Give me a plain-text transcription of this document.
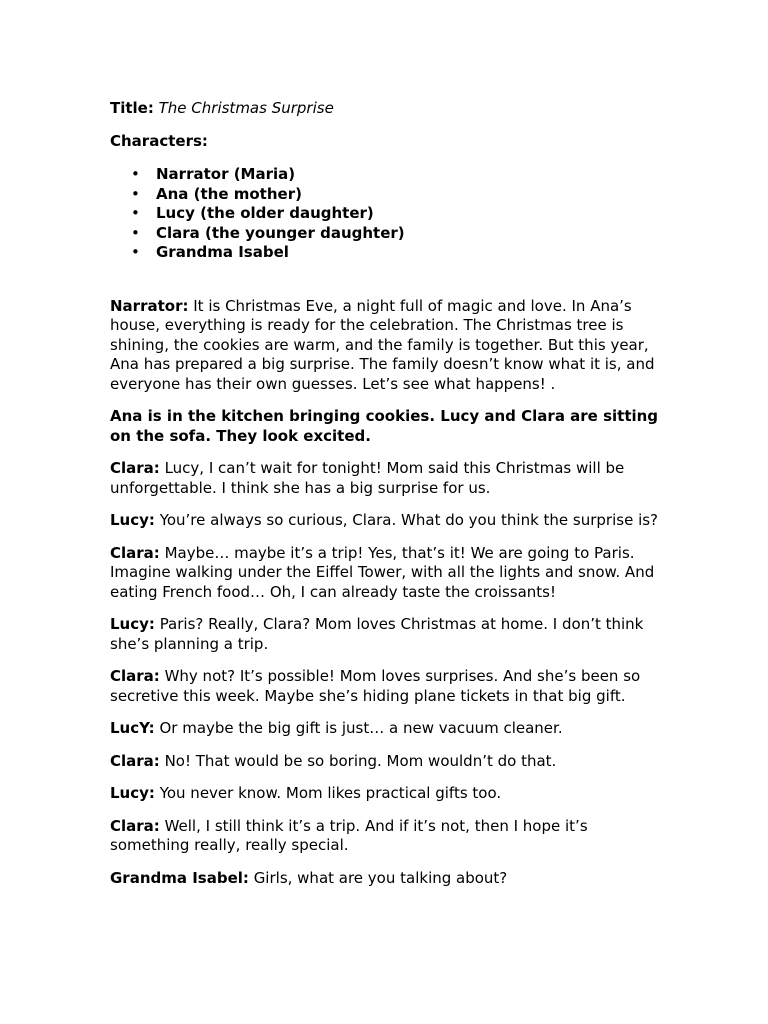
Title: The Christmas Surprise

Characters:

• Narrator (Maria)
• Ana (the mother)
• Lucy (the older daughter)
• Clara (the younger daughter)
• Grandma Isabel

Narrator: It is Christmas Eve, a night full of magic and love. In Ana’s house, everything is ready for the celebration. The Christmas tree is shining, the cookies are warm, and the family is together. But this year, Ana has prepared a big surprise. The family doesn’t know what it is, and everyone has their own guesses. Let’s see what happens! .

Ana is in the kitchen bringing cookies. Lucy and Clara are sitting on the sofa. They look excited.

Clara: Lucy, I can’t wait for tonight! Mom said this Christmas will be unforgettable. I think she has a big surprise for us.

Lucy: You’re always so curious, Clara. What do you think the surprise is?

Clara: Maybe… maybe it’s a trip! Yes, that’s it! We are going to Paris. Imagine walking under the Eiffel Tower, with all the lights and snow. And eating French food… Oh, I can already taste the croissants!

Lucy: Paris? Really, Clara? Mom loves Christmas at home. I don’t think she’s planning a trip.

Clara: Why not? It’s possible! Mom loves surprises. And she’s been so secretive this week. Maybe she’s hiding plane tickets in that big gift.

LucY: Or maybe the big gift is just… a new vacuum cleaner.

Clara: No! That would be so boring. Mom wouldn’t do that.

Lucy: You never know. Mom likes practical gifts too.

Clara: Well, I still think it’s a trip. And if it’s not, then I hope it’s something really, really special.

Grandma Isabel: Girls, what are you talking about?
